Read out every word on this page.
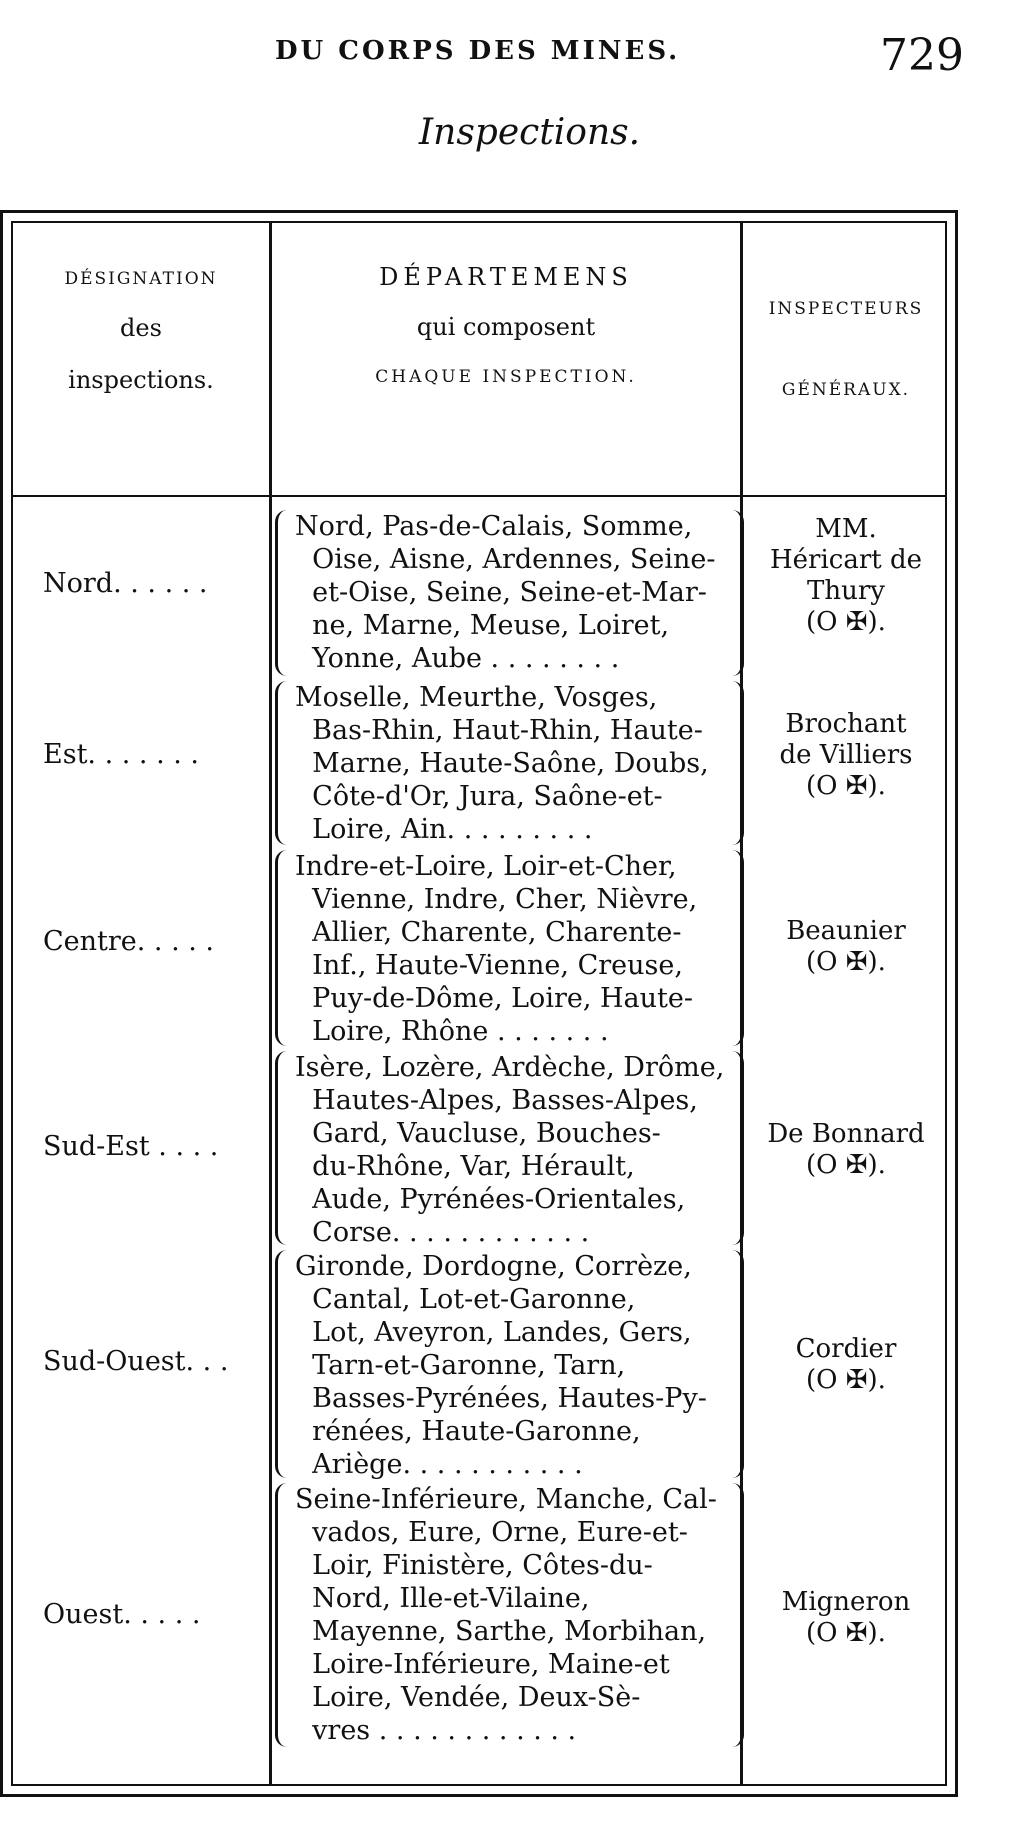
DU CORPS DES MINES.	729
Inspections.
DÉSIGNATION
des
inspections.
DÉPARTEMENS
qui composent
CHAQUE INSPECTION.
INSPECTEURS
GÉNÉRAUX.
Nord. . . . . .
Nord, Pas-de-Calais, Somme,
Oise, Aisne, Ardennes, Seine-
et-Oise, Seine, Seine-et-Mar-
ne, Marne, Meuse, Loiret,
Yonne, Aube . . . . . . . .
MM.
Héricart de
Thury
(O ✠).
Est. . . . . . .
Moselle, Meurthe, Vosges,
Bas-Rhin, Haut-Rhin, Haute-
Marne, Haute-Saône, Doubs,
Côte-d'Or, Jura, Saône-et-
Loire, Ain. . . . . . . . .
Brochant
de Villiers
(O ✠).
Centre. . . . .
Indre-et-Loire, Loir-et-Cher,
Vienne, Indre, Cher, Nièvre,
Allier, Charente, Charente-
Inf., Haute-Vienne, Creuse,
Puy-de-Dôme, Loire, Haute-
Loire, Rhône . . . . . . .
Beaunier
(O ✠).
Sud-Est . . . .
Isère, Lozère, Ardèche, Drôme,
Hautes-Alpes, Basses-Alpes,
Gard, Vaucluse, Bouches-
du-Rhône, Var, Hérault,
Aude, Pyrénées-Orientales,
Corse. . . . . . . . . . . .
De Bonnard
(O ✠).
Sud-Ouest. . .
Gironde, Dordogne, Corrèze,
Cantal, Lot-et-Garonne,
Lot, Aveyron, Landes, Gers,
Tarn-et-Garonne, Tarn,
Basses-Pyrénées, Hautes-Py-
rénées, Haute-Garonne,
Ariège. . . . . . . . . . .
Cordier
(O ✠).
Ouest. . . . .
Seine-Inférieure, Manche, Cal-
vados, Eure, Orne, Eure-et-
Loir, Finistère, Côtes-du-
Nord, Ille-et-Vilaine,
Mayenne, Sarthe, Morbihan,
Loire-Inférieure, Maine-et
Loire, Vendée, Deux-Sè-
vres . . . . . . . . . . . .
Migneron
(O ✠).
